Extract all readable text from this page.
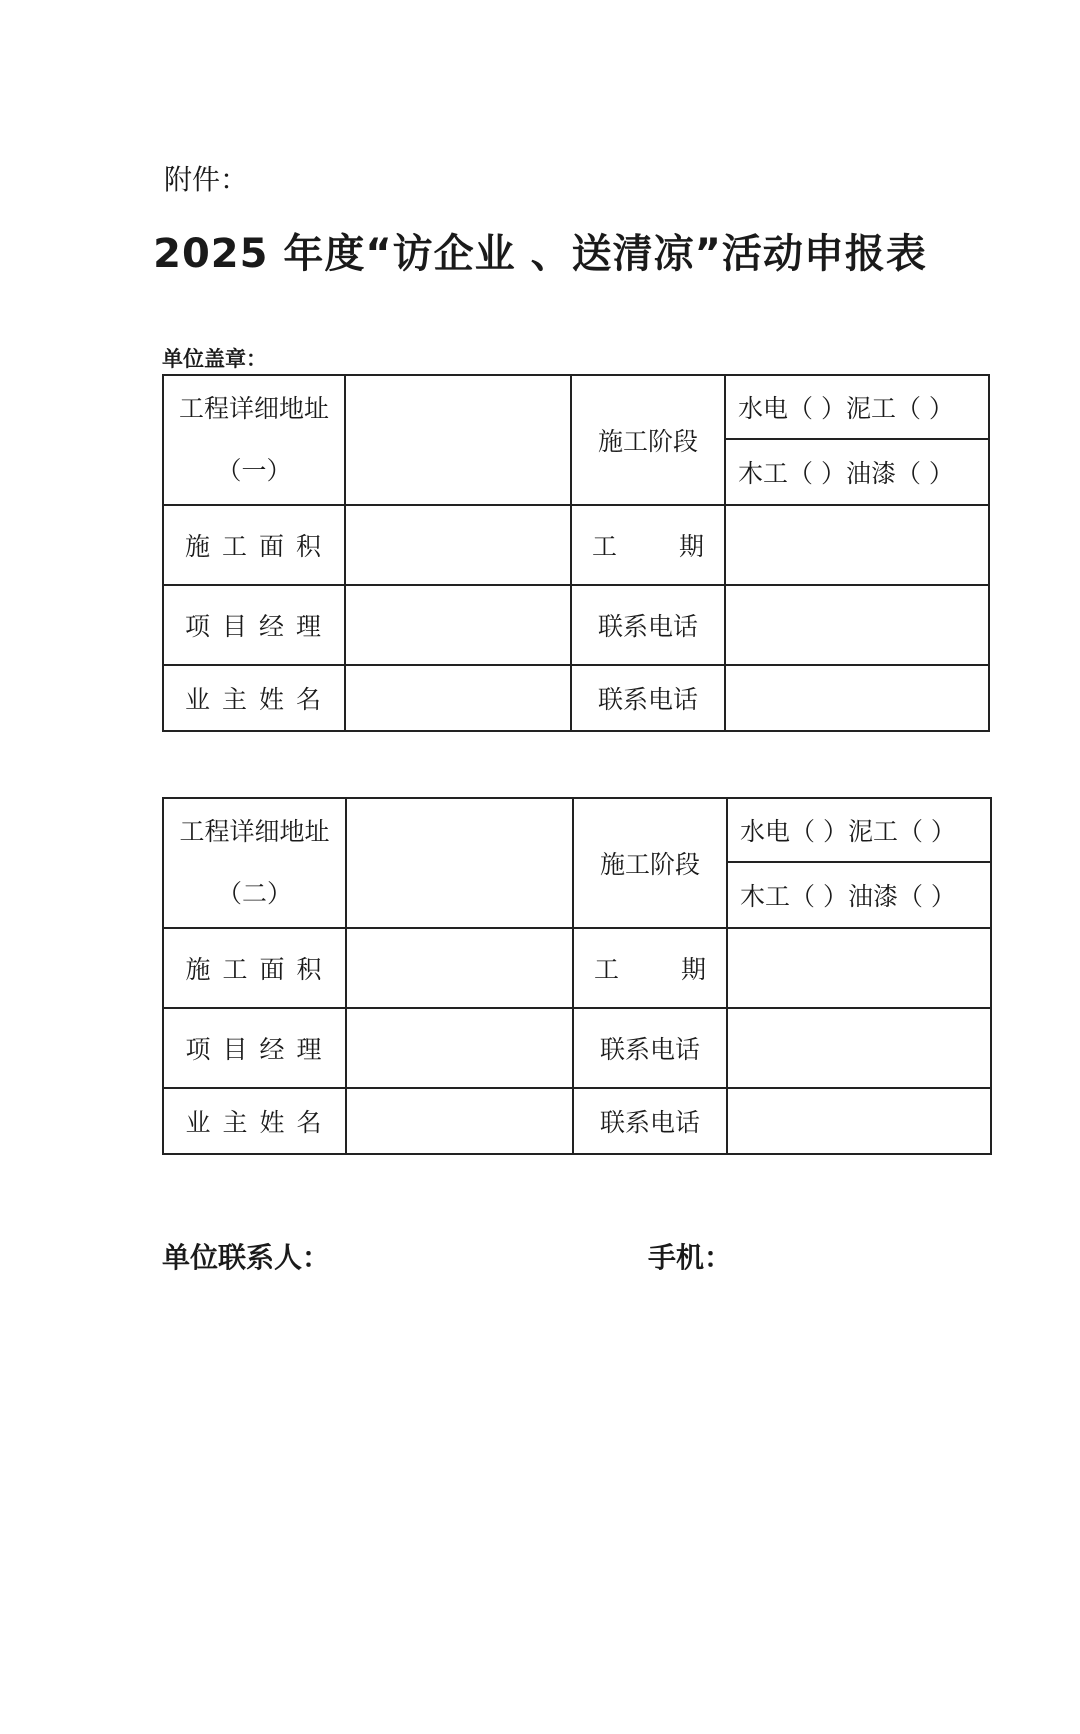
附件：
2025 年度“访企业 、送清凉”活动申报表
单位盖章：
工程详细地址
（一）		施工阶段	水电（ ）泥工（ ）
			木工（ ）油漆（ ）
施工面积		工 期	
项目经理		联系电话	
业主姓名		联系电话	
工程详细地址
（二）		施工阶段	水电（ ）泥工（ ）
			木工（ ）油漆（ ）
施工面积		工 期	
项目经理		联系电话	
业主姓名		联系电话	
单位联系人：	手机：
